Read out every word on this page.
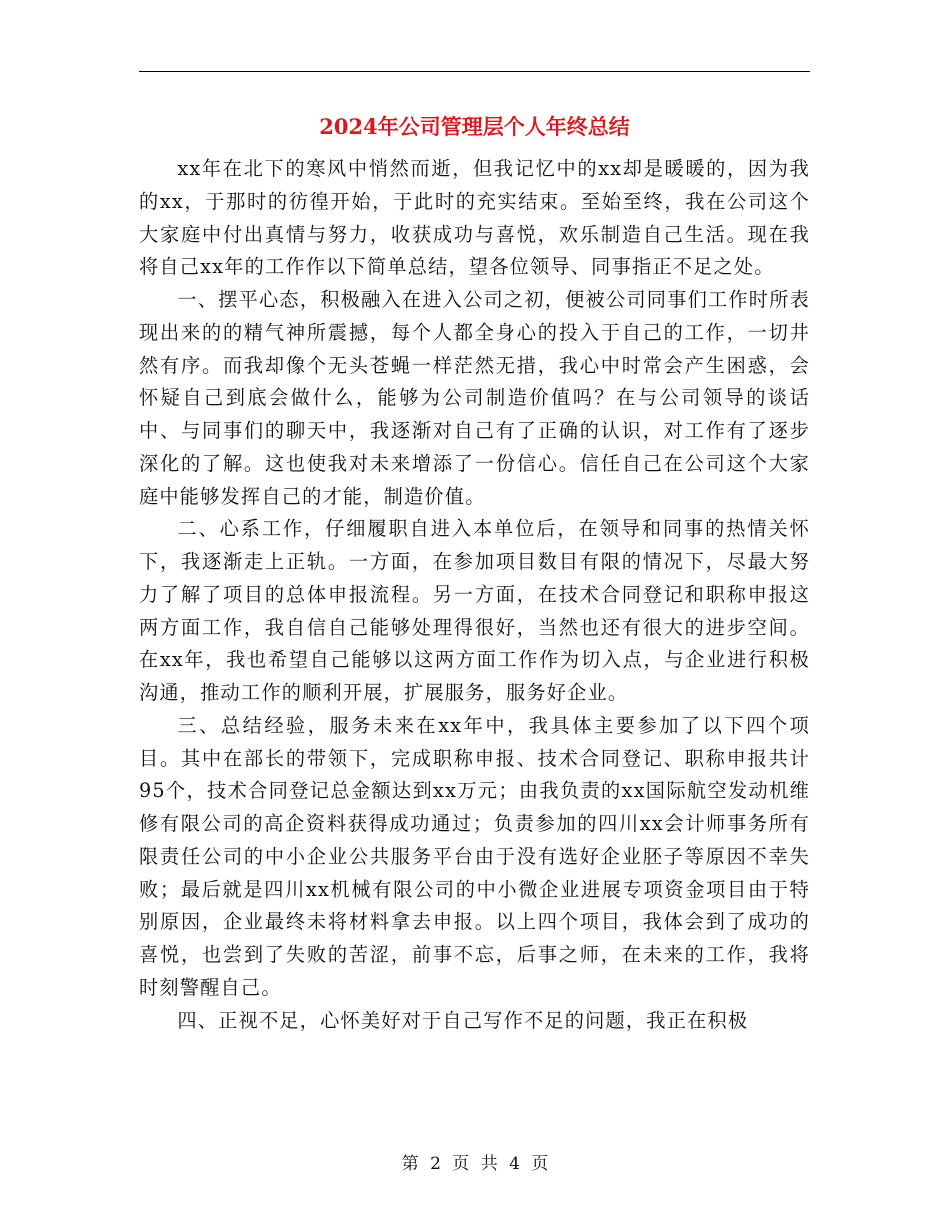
2024年公司管理层个人年终总结

xx年在北下的寒风中悄然而逝，但我记忆中的xx却是暖暖的，因为我的xx，于那时的彷徨开始，于此时的充实结束。至始至终，我在公司这个大家庭中付出真情与努力，收获成功与喜悦，欢乐制造自己生活。现在我将自己xx年的工作作以下简单总结，望各位领导、同事指正不足之处。

一、摆平心态，积极融入在进入公司之初，便被公司同事们工作时所表现出来的的精气神所震撼，每个人都全身心的投入于自己的工作，一切井然有序。而我却像个无头苍蝇一样茫然无措，我心中时常会产生困惑，会怀疑自己到底会做什么，能够为公司制造价值吗？在与公司领导的谈话中、与同事们的聊天中，我逐渐对自己有了正确的认识，对工作有了逐步深化的了解。这也使我对未来增添了一份信心。信任自己在公司这个大家庭中能够发挥自己的才能，制造价值。

二、心系工作，仔细履职自进入本单位后，在领导和同事的热情关怀下，我逐渐走上正轨。一方面，在参加项目数目有限的情况下，尽最大努力了解了项目的总体申报流程。另一方面，在技术合同登记和职称申报这两方面工作，我自信自己能够处理得很好，当然也还有很大的进步空间。在xx年，我也希望自己能够以这两方面工作作为切入点，与企业进行积极沟通，推动工作的顺利开展，扩展服务，服务好企业。

三、总结经验，服务未来在xx年中，我具体主要参加了以下四个项目。其中在部长的带领下，完成职称申报、技术合同登记、职称申报共计95个，技术合同登记总金额达到xx万元；由我负责的xx国际航空发动机维修有限公司的高企资料获得成功通过；负责参加的四川xx会计师事务所有限责任公司的中小企业公共服务平台由于没有选好企业胚子等原因不幸失败；最后就是四川xx机械有限公司的中小微企业进展专项资金项目由于特别原因，企业最终未将材料拿去申报。以上四个项目，我体会到了成功的喜悦，也尝到了失败的苦涩，前事不忘，后事之师，在未来的工作，我将时刻警醒自己。

四、正视不足，心怀美好对于自己写作不足的问题，我正在积极

第 2 页 共 4 页
